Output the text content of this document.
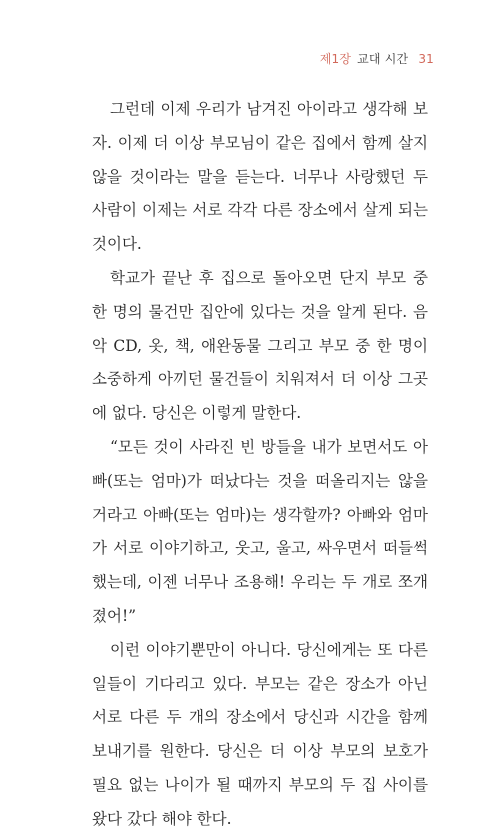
제1장 교대 시간 31

그런데 이제 우리가 남겨진 아이라고 생각해 보자. 이제 더 이상 부모님이 같은 집에서 함께 살지 않을 것이라는 말을 듣는다. 너무나 사랑했던 두 사람이 이제는 서로 각각 다른 장소에서 살게 되는 것이다.

학교가 끝난 후 집으로 돌아오면 단지 부모 중 한 명의 물건만 집안에 있다는 것을 알게 된다. 음악 CD, 옷, 책, 애완동물 그리고 부모 중 한 명이 소중하게 아끼던 물건들이 치워져서 더 이상 그곳에 없다. 당신은 이렇게 말한다.

“모든 것이 사라진 빈 방들을 내가 보면서도 아빠(또는 엄마)가 떠났다는 것을 떠올리지는 않을 거라고 아빠(또는 엄마)는 생각할까? 아빠와 엄마가 서로 이야기하고, 웃고, 울고, 싸우면서 떠들썩했는데, 이젠 너무나 조용해! 우리는 두 개로 쪼개졌어!”

이런 이야기뿐만이 아니다. 당신에게는 또 다른 일들이 기다리고 있다. 부모는 같은 장소가 아닌 서로 다른 두 개의 장소에서 당신과 시간을 함께 보내기를 원한다. 당신은 더 이상 부모의 보호가 필요 없는 나이가 될 때까지 부모의 두 집 사이를 왔다 갔다 해야 한다.
